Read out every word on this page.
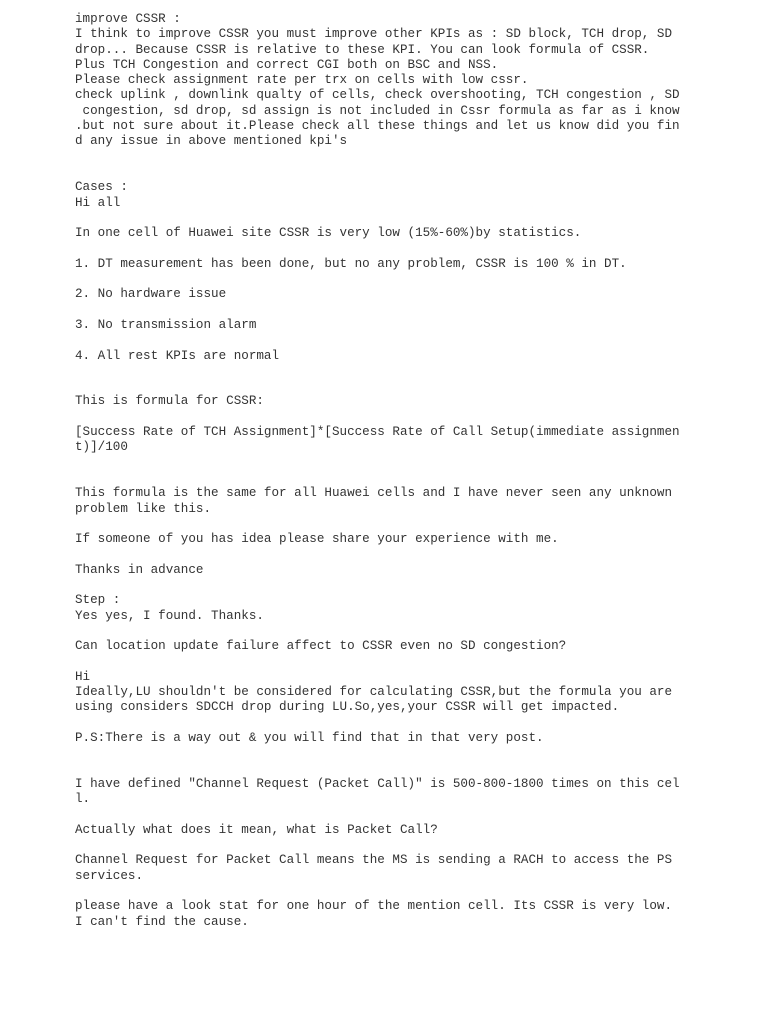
improve CSSR :
I think to improve CSSR you must improve other KPIs as : SD block, TCH drop, SD
drop... Because CSSR is relative to these KPI. You can look formula of CSSR.
Plus TCH Congestion and correct CGI both on BSC and NSS.
Please check assignment rate per trx on cells with low cssr.
check uplink , downlink qualty of cells, check overshooting, TCH congestion , SD
congestion, sd drop, sd assign is not included in Cssr formula as far as i know
.but not sure about it.Please check all these things and let us know did you fin
d any issue in above mentioned kpi's
Cases :
Hi all
In one cell of Huawei site CSSR is very low (15%-60%)by statistics.
1. DT measurement has been done, but no any problem, CSSR is 100 % in DT.
2. No hardware issue
3. No transmission alarm
4. All rest KPIs are normal
This is formula for CSSR:
[Success Rate of TCH Assignment]*[Success Rate of Call Setup(immediate assignmen
t)]/100
This formula is the same for all Huawei cells and I have never seen any unknown
problem like this.
If someone of you has idea please share your experience with me.
Thanks in advance
Step :
Yes yes, I found. Thanks.
Can location update failure affect to CSSR even no SD congestion?
Hi
Ideally,LU shouldn't be considered for calculating CSSR,but the formula you are
using considers SDCCH drop during LU.So,yes,your CSSR will get impacted.
P.S:There is a way out & you will find that in that very post.
I have defined "Channel Request (Packet Call)" is 500-800-1800 times on this cel
l.
Actually what does it mean, what is Packet Call?
Channel Request for Packet Call means the MS is sending a RACH to access the PS
services.
please have a look stat for one hour of the mention cell. Its CSSR is very low.
I can't find the cause.
